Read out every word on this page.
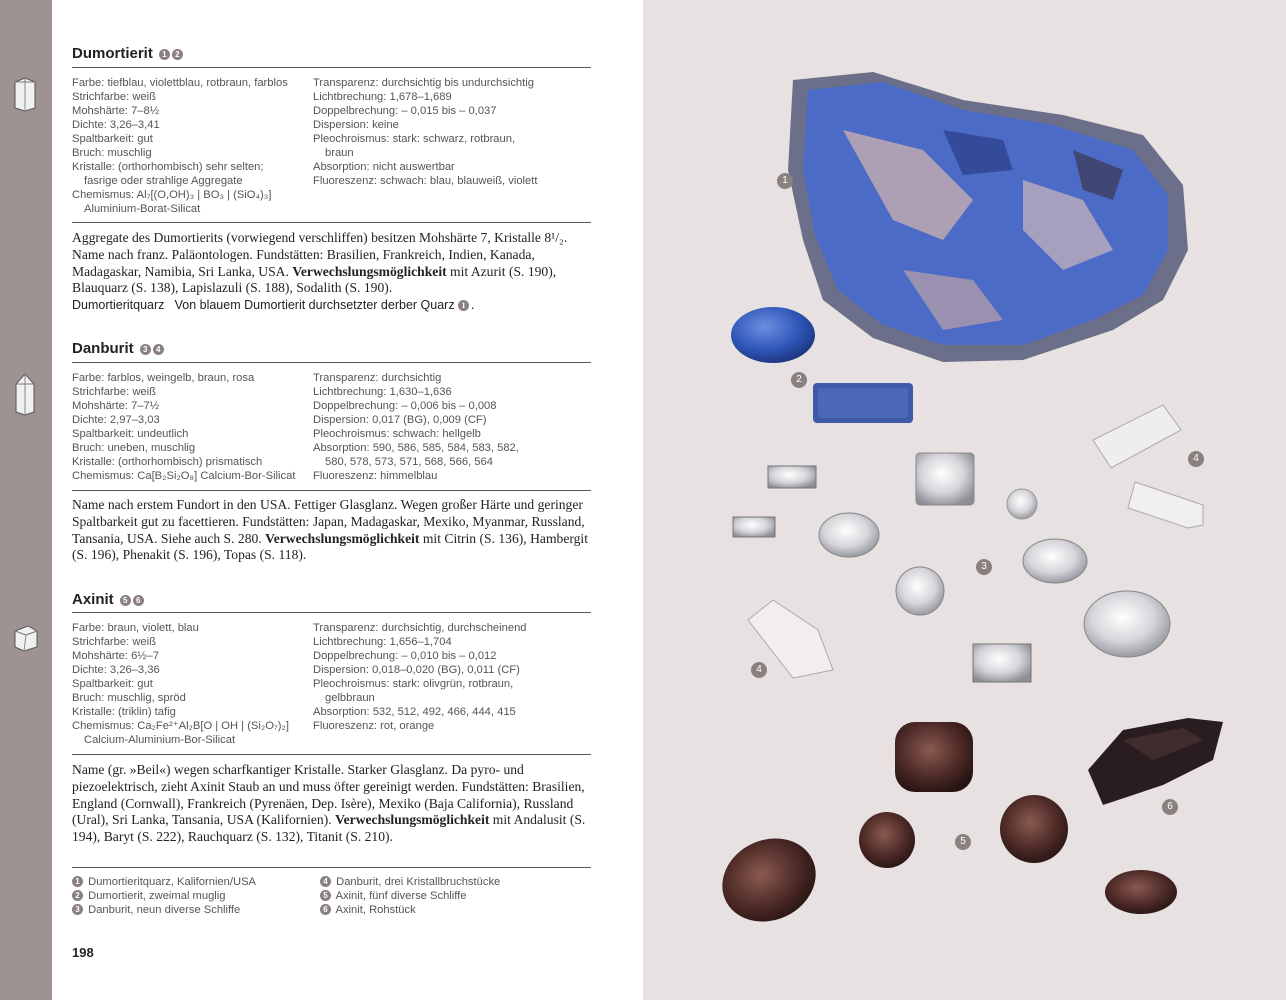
Dumortierit 1 2
Farbe: tiefblau, violettblau, rotbraun, farblos
Strichfarbe: weiß
Mohshärte: 7–8½
Dichte: 3,26–3,41
Spaltbarkeit: gut
Bruch: muschlig
Kristalle: (orthorhombisch) sehr selten;
fasrige oder strahlige Aggregate
Chemismus: Al₇[(O,OH)₃ | BO₃ | (SiO₄)₃]
Aluminium-Borat-Silicat
Transparenz: durchsichtig bis undurchsichtig
Lichtbrechung: 1,678–1,689
Doppelbrechung: – 0,015 bis – 0,037
Dispersion: keine
Pleochroismus: stark: schwarz, rotbraun,
braun
Absorption: nicht auswertbar
Fluoreszenz: schwach: blau, blauweiß, violett
Aggregate des Dumortierits (vorwiegend verschliffen) besitzen Mohshärte 7, Kristalle 8¹/₂. Name nach franz. Paläontologen. Fundstätten: Brasilien, Frankreich, Indien, Kanada, Madagaskar, Namibia, Sri Lanka, USA. Verwechslungsmöglichkeit mit Azurit (S. 190), Blauquarz (S. 138), Lapislazuli (S. 188), Sodalith (S. 190).
Dumortieritquarz Von blauem Dumortierit durchsetzter derber Quarz 1 .
Danburit 3 4
Farbe: farblos, weingelb, braun, rosa
Strichfarbe: weiß
Mohshärte: 7–7½
Dichte: 2,97–3,03
Spaltbarkeit: undeutlich
Bruch: uneben, muschlig
Kristalle: (orthorhombisch) prismatisch
Chemismus: Ca[B₂Si₂O₈] Calcium-Bor-Silicat
Transparenz: durchsichtig
Lichtbrechung: 1,630–1,636
Doppelbrechung: – 0,006 bis – 0,008
Dispersion: 0,017 (BG), 0,009 (CF)
Pleochroismus: schwach: hellgelb
Absorption: 590, 586, 585, 584, 583, 582,
580, 578, 573, 571, 568, 566, 564
Fluoreszenz: himmelblau
Name nach erstem Fundort in den USA. Fettiger Glasglanz. Wegen großer Härte und geringer Spaltbarkeit gut zu facettieren. Fundstätten: Japan, Madagaskar, Mexiko, Myanmar, Russland, Tansania, USA. Siehe auch S. 280. Verwechslungsmöglichkeit mit Citrin (S. 136), Hambergit (S. 196), Phenakit (S. 196), Topas (S. 118).
Axinit 5 6
Farbe: braun, violett, blau
Strichfarbe: weiß
Mohshärte: 6½–7
Dichte: 3,26–3,36
Spaltbarkeit: gut
Bruch: muschlig, spröd
Kristalle: (triklin) tafig
Chemismus: Ca₂Fe²⁺Al₂B[O | OH | (Si₂O₇)₂]
Calcium-Aluminium-Bor-Silicat
Transparenz: durchsichtig, durchscheinend
Lichtbrechung: 1,656–1,704
Doppelbrechung: – 0,010 bis – 0,012
Dispersion: 0,018–0,020 (BG), 0,011 (CF)
Pleochroismus: stark: olivgrün, rotbraun,
gelbbraun
Absorption: 532, 512, 492, 466, 444, 415
Fluoreszenz: rot, orange
Name (gr. »Beil«) wegen scharfkantiger Kristalle. Starker Glasglanz. Da pyro- und piezoelektrisch, zieht Axinit Staub an und muss öfter gereinigt werden. Fundstätten: Brasilien, England (Cornwall), Frankreich (Pyrenäen, Dep. Isère), Mexiko (Baja California), Russland (Ural), Sri Lanka, Tansania, USA (Kalifornien). Verwechslungsmöglichkeit mit Andalusit (S. 194), Baryt (S. 222), Rauchquarz (S. 132), Titanit (S. 210).
1 Dumortieritquarz, Kalifornien/USA
2 Dumortierit, zweimal muglig
3 Danburit, neun diverse Schliffe
4 Danburit, drei Kristallbruchstücke
5 Axinit, fünf diverse Schliffe
6 Axinit, Rohstück
198
1
2
3
4
4
5
6
